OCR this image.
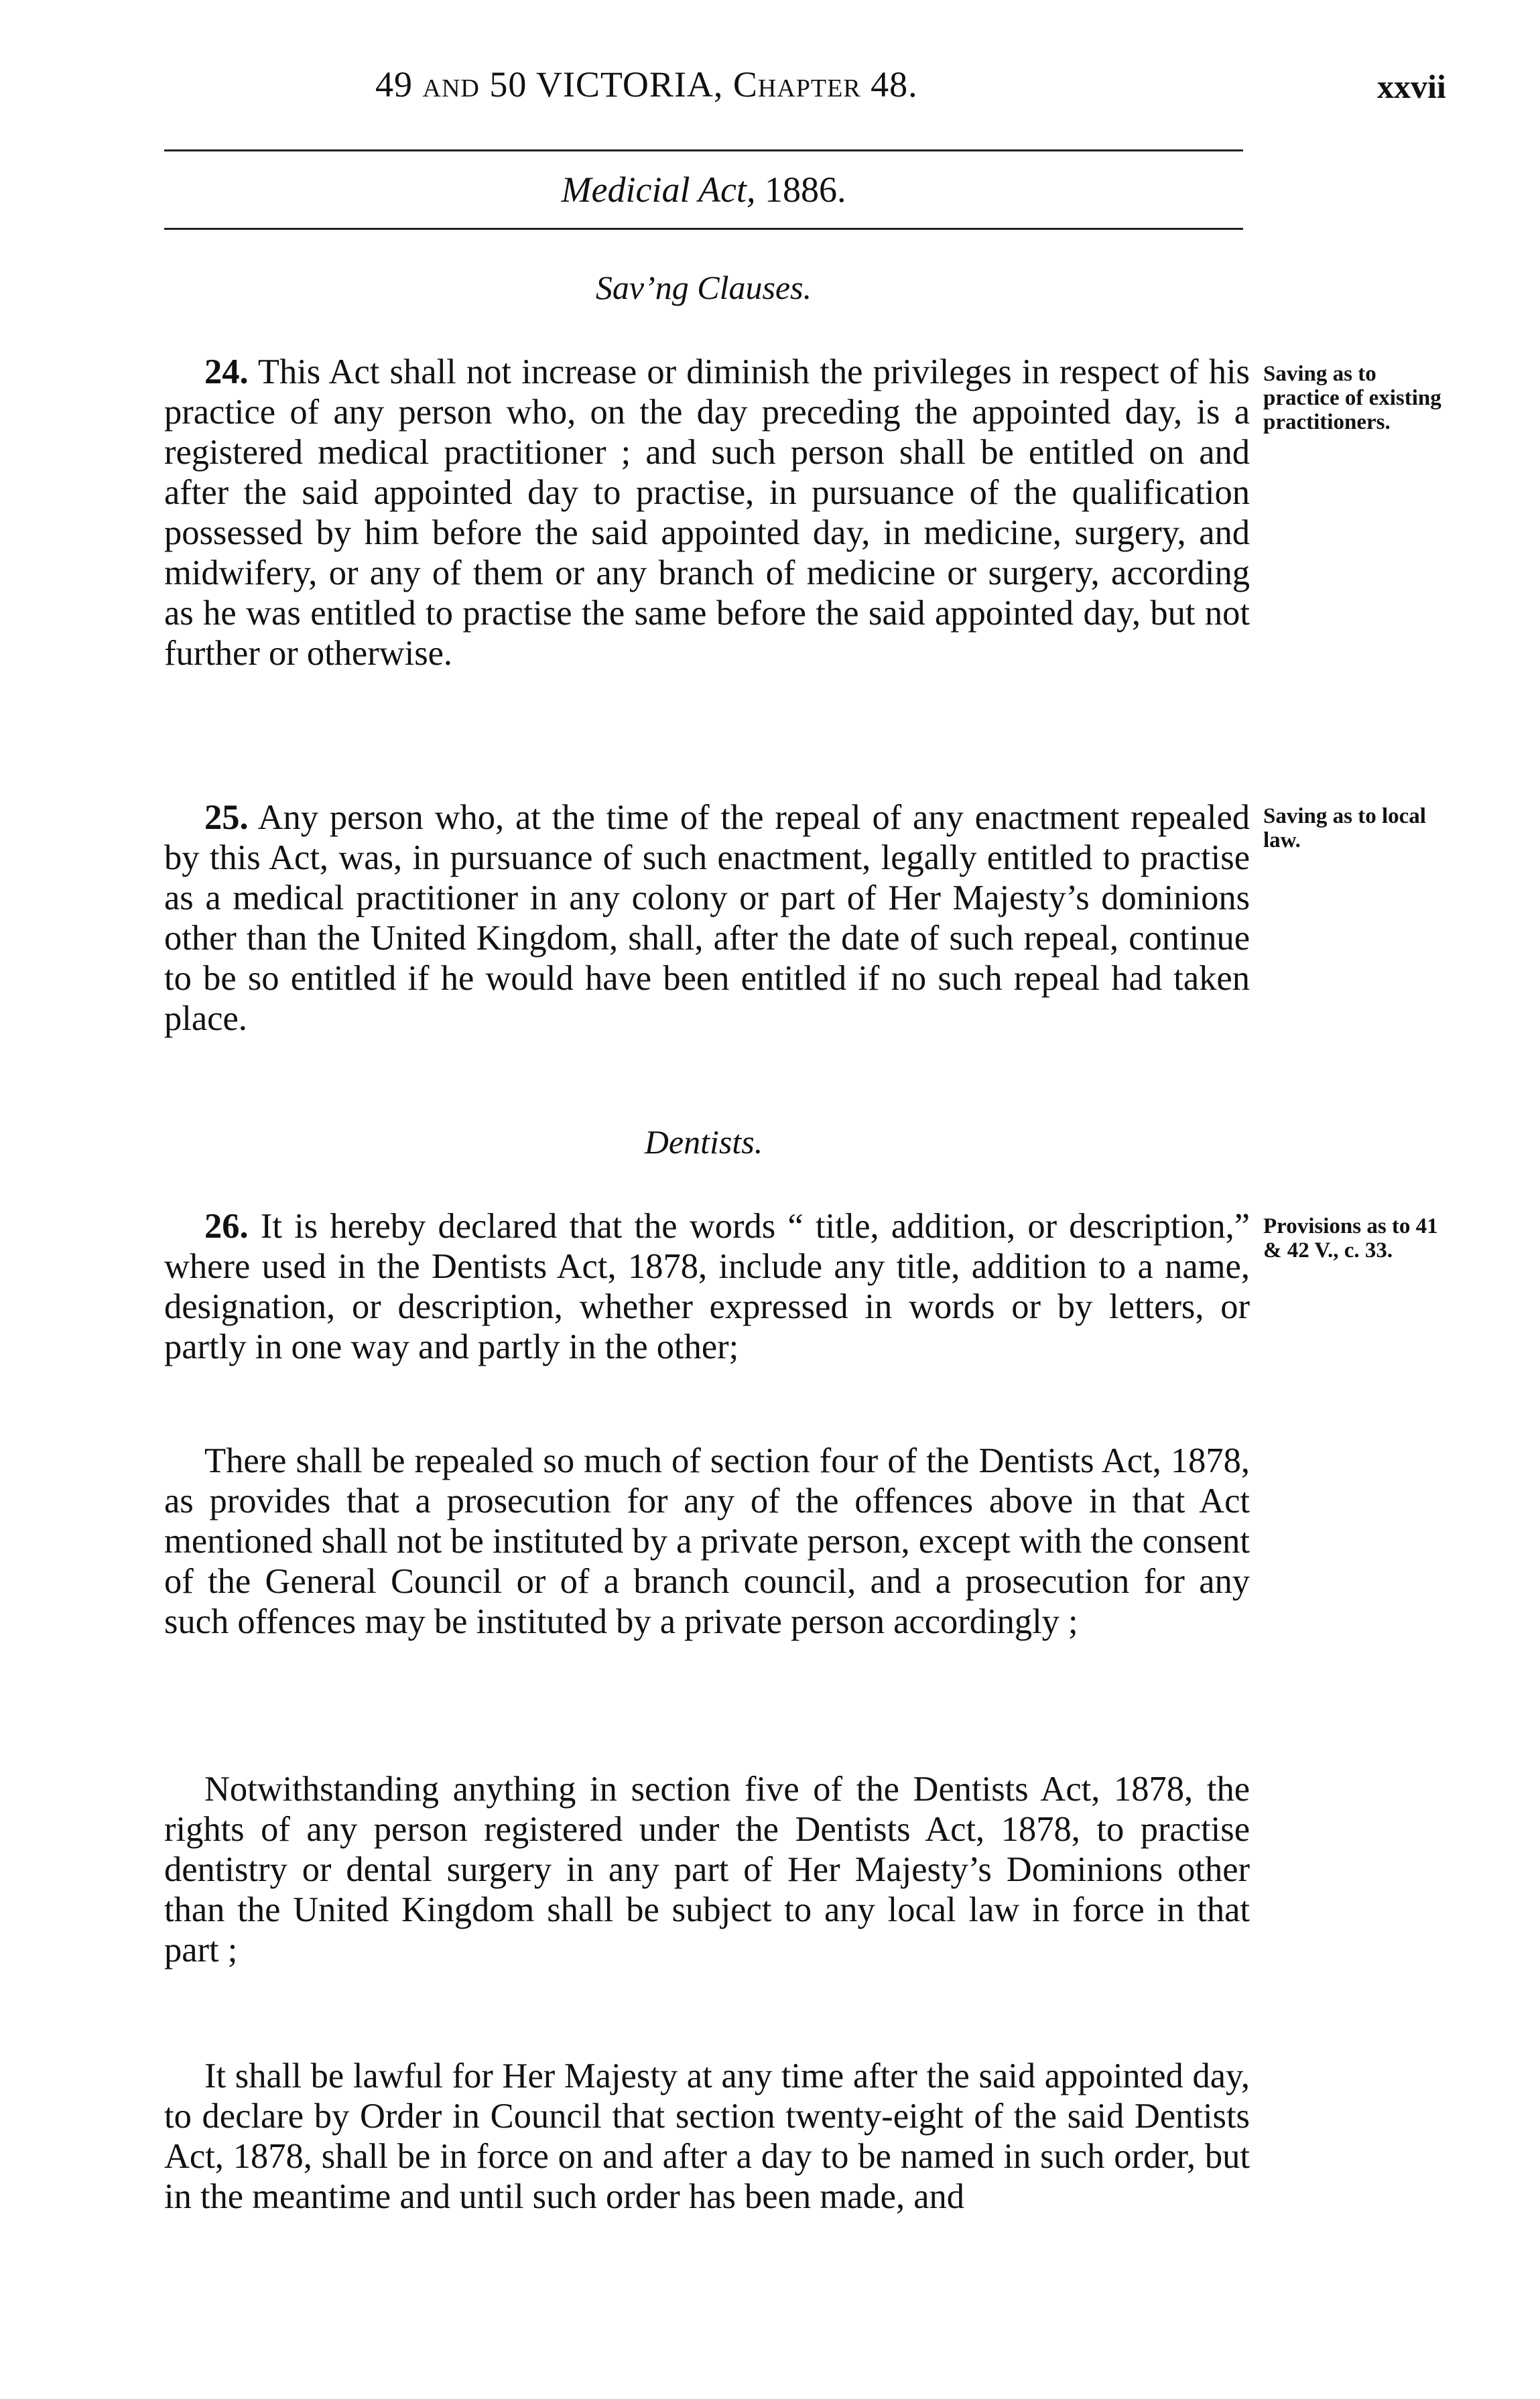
49 and 50 VICTORIA, Chapter 48.	xxvii
Medicial Act, 1886.
Sav’ng Clauses.

24. This Act shall not increase or diminish the privileges in respect of his practice of any person who, on the day preceding the appointed day, is a registered medical practitioner ; and such person shall be entitled on and after the said appointed day to practise, in pursuance of the qualification possessed by him before the said appointed day, in medicine, surgery, and midwifery, or any of them or any branch of medicine or surgery, according as he was entitled to practise the same before the said appointed day, but not further or otherwise.

Saving as to practice of existing practitioners.

25. Any person who, at the time of the repeal of any enactment repealed by this Act, was, in pursuance of such enactment, legally entitled to practise as a medical practitioner in any colony or part of Her Majesty’s dominions other than the United Kingdom, shall, after the date of such repeal, continue to be so entitled if he would have been entitled if no such repeal had taken place.

Saving as to local law.

Dentists.

26. It is hereby declared that the words “ title, addition, or description,” where used in the Dentists Act, 1878, include any title, addition to a name, designation, or description, whether expressed in words or by letters, or partly in one way and partly in the other;

Provisions as to 41 & 42 V., c. 33.

There shall be repealed so much of section four of the Dentists Act, 1878, as provides that a prosecution for any of the offences above in that Act mentioned shall not be instituted by a private person, except with the consent of the General Council or of a branch council, and a prosecution for any such offences may be instituted by a private person accordingly ;

Notwithstanding anything in section five of the Dentists Act, 1878, the rights of any person registered under the Dentists Act, 1878, to practise dentistry or dental surgery in any part of Her Majesty’s Dominions other than the United Kingdom shall be subject to any local law in force in that part ;

It shall be lawful for Her Majesty at any time after the said appointed day, to declare by Order in Council that section twenty-eight of the said Dentists Act, 1878, shall be in force on and after a day to be named in such order, but in the meantime and until such order has been made, and
